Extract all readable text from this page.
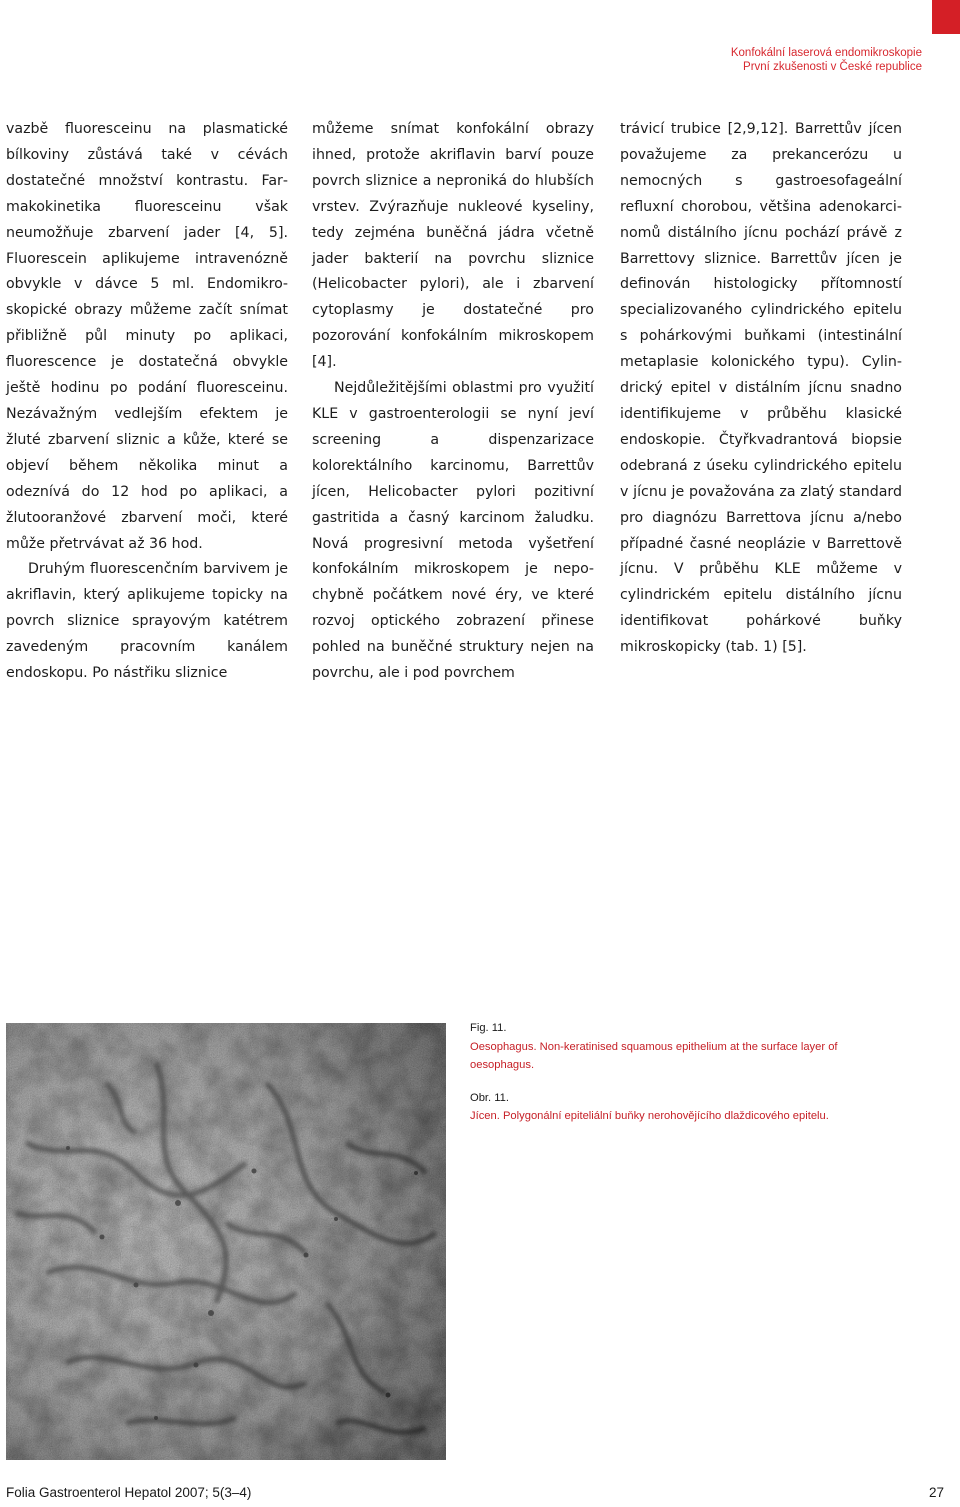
Konfokální laserová endomikroskopie
První zkušenosti v České republice

vazbě fluoresceinu na plasmatické bílkoviny zůstává také v cévách dostatečné množství kontrastu. Farmakokinetika fluoresceinu však neumožňuje zbarvení jader [4, 5]. Fluorescein aplikujeme intravenózně obvykle v dávce 5 ml. Endomikroskopické obrazy můžeme začít snímat přibližně půl minuty po aplikaci, fluorescence je dostatečná obvykle ještě hodinu po podání fluoresceinu. Nezávažným vedlejším efektem je žluté zbarvení sliznic a kůže, které se objeví během několika minut a odeznívá do 12 hod po aplikaci, a žlutooranžové zbarvení moči, které může přetrvávat až 36 hod.

Druhým fluorescenčním barvivem je akriflavin, který aplikujeme topicky na povrch sliznice sprayovým katétrem zavedeným pracovním kanálem endoskopu. Po nástřiku sliznice

můžeme snímat konfokální obrazy ihned, protože akriflavin barví pouze povrch sliznice a neproniká do hlubších vrstev. Zvýrazňuje nukleové kyseliny, tedy zejména buněčná jádra včetně jader bakterií na povrchu sliznice (Helicobacter pylori), ale i zbarvení cytoplasmy je dostatečné pro pozorování konfokálním mikroskopem [4].

Nejdůležitějšími oblastmi pro využití KLE v gastroenterologii se nyní jeví screening a dispenzarizace kolorektálního karcinomu, Barrettův jícen, Helicobacter pylori pozitivní gastritida a časný karcinom žaludku. Nová progresivní metoda vyšetření konfokálním mikroskopem je nepochybně počátkem nové éry, ve které rozvoj optického zobrazení přinese pohled na buněčné struktury nejen na povrchu, ale i pod povrchem

trávicí trubice [2,9,12]. Barrettův jícen považujeme za prekancerózu u nemocných s gastroesofageální refluxní chorobou, většina adenokarcinomů distálního jícnu pochází právě z Barrettovy sliznice. Barrettův jícen je definován histologicky přítomností specializovaného cylindrického epitelu s pohárkovými buňkami (intestinální metaplasie kolonického typu). Cylindrický epitel v distálním jícnu snadno identifikujeme v průběhu klasické endoskopie. Čtyřkvadrantová biopsie odebraná z úseku cylindrického epitelu v jícnu je považována za zlatý standard pro diagnózu Barrettova jícnu a/nebo případné časné neoplázie v Barrettově jícnu. V průběhu KLE můžeme v cylindrickém epitelu distálního jícnu identifikovat pohárkové buňky mikroskopicky (tab. 1) [5].

Fig. 11.
Oesophagus. Non-keratinised squamous epithelium at the surface layer of oesophagus.
Obr. 11.
Jícen. Polygonální epiteliální buňky nerohovějícího dlaždicového epitelu.
Folia Gastroenterol Hepatol 2007; 5(3–4)	27
